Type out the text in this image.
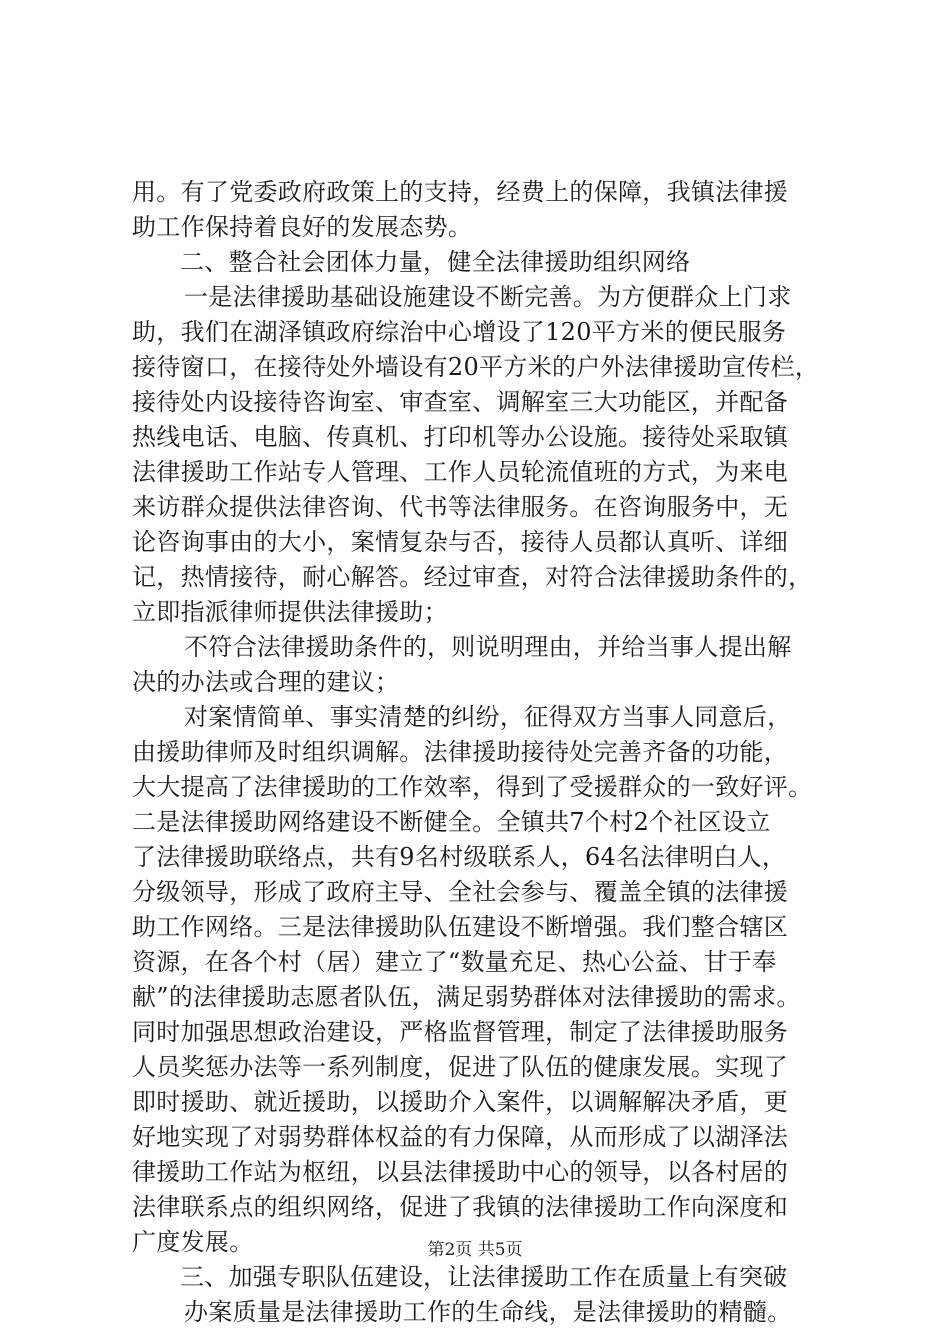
用。有了党委政府政策上的支持，经费上的保障，我镇法律援
助工作保持着良好的发展态势。
二、整合社会团体力量，健全法律援助组织网络
一是法律援助基础设施建设不断完善。为方便群众上门求
助，我们在湖泽镇政府综治中心增设了120平方米的便民服务
接待窗口，在接待处外墙设有20平方米的户外法律援助宣传栏，
接待处内设接待咨询室、审查室、调解室三大功能区，并配备
热线电话、电脑、传真机、打印机等办公设施。接待处采取镇
法律援助工作站专人管理、工作人员轮流值班的方式，为来电
来访群众提供法律咨询、代书等法律服务。在咨询服务中，无
论咨询事由的大小，案情复杂与否，接待人员都认真听、详细
记，热情接待，耐心解答。经过审查，对符合法律援助条件的，
立即指派律师提供法律援助；
不符合法律援助条件的，则说明理由，并给当事人提出解
决的办法或合理的建议；
对案情简单、事实清楚的纠纷，征得双方当事人同意后，
由援助律师及时组织调解。法律援助接待处完善齐备的功能，
大大提高了法律援助的工作效率，得到了受援群众的一致好评。
二是法律援助网络建设不断健全。全镇共7个村2个社区设立
了法律援助联络点，共有9名村级联系人，64名法律明白人，
分级领导，形成了政府主导、全社会参与、覆盖全镇的法律援
助工作网络。三是法律援助队伍建设不断增强。我们整合辖区
资源，在各个村（居）建立了“数量充足、热心公益、甘于奉
献”的法律援助志愿者队伍，满足弱势群体对法律援助的需求。
同时加强思想政治建设，严格监督管理，制定了法律援助服务
人员奖惩办法等一系列制度，促进了队伍的健康发展。实现了
即时援助、就近援助，以援助介入案件，以调解解决矛盾，更
好地实现了对弱势群体权益的有力保障，从而形成了以湖泽法
律援助工作站为枢纽，以县法律援助中心的领导，以各村居的
法律联系点的组织网络，促进了我镇的法律援助工作向深度和
广度发展。
三、加强专职队伍建设，让法律援助工作在质量上有突破
办案质量是法律援助工作的生命线，是法律援助的精髓。
第2页 共5页
